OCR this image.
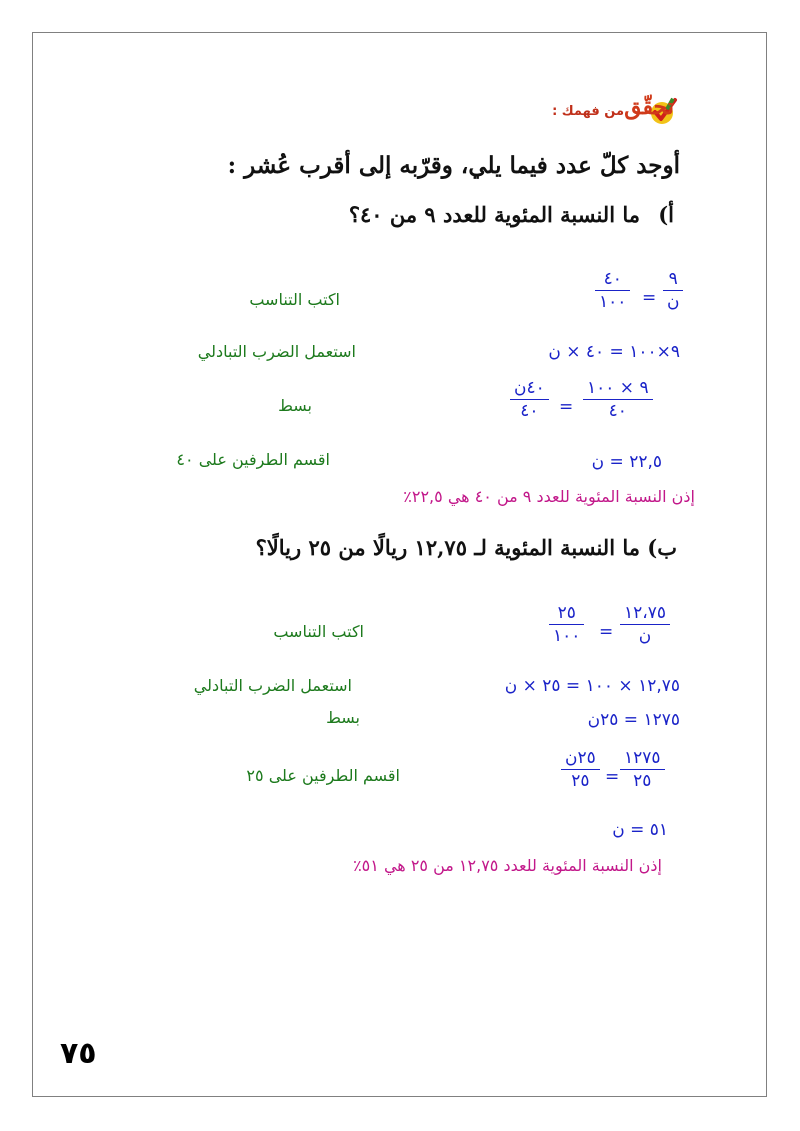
تحقّق
من فهمك :
أوجد كلّ عدد فيما يلي، وقرّبه إلى أقرب عُشر :
أ)
ما النسبة المئوية للعدد ٩ من ٤٠؟
٩
ن
=
٤٠
١٠٠
اكتب التناسب
٩×١٠٠ = ٤٠ × ن
استعمل الضرب التبادلي
٩ × ١٠٠
٤٠
=
٤٠ن
٤٠
بسط
٢٢,٥ = ن
اقسم الطرفين على ٤٠
إذن النسبة المئوية للعدد ٩ من ٤٠ هي ٢٢,٥٪
ب)
ما النسبة المئوية لـ ١٢,٧٥ ريالًا من ٢٥ ريالًا؟
١٢،٧٥
ن
=
٢٥
١٠٠
اكتب التناسب
١٢,٧٥ × ١٠٠ = ٢٥ × ن
استعمل الضرب التبادلي
١٢٧٥ = ٢٥ن
بسط
١٢٧٥
٢٥
=
٢٥ن
٢٥
اقسم الطرفين على ٢٥
٥١ = ن
إذن النسبة المئوية للعدد ١٢,٧٥ من ٢٥ هي ٥١٪
٧٥
